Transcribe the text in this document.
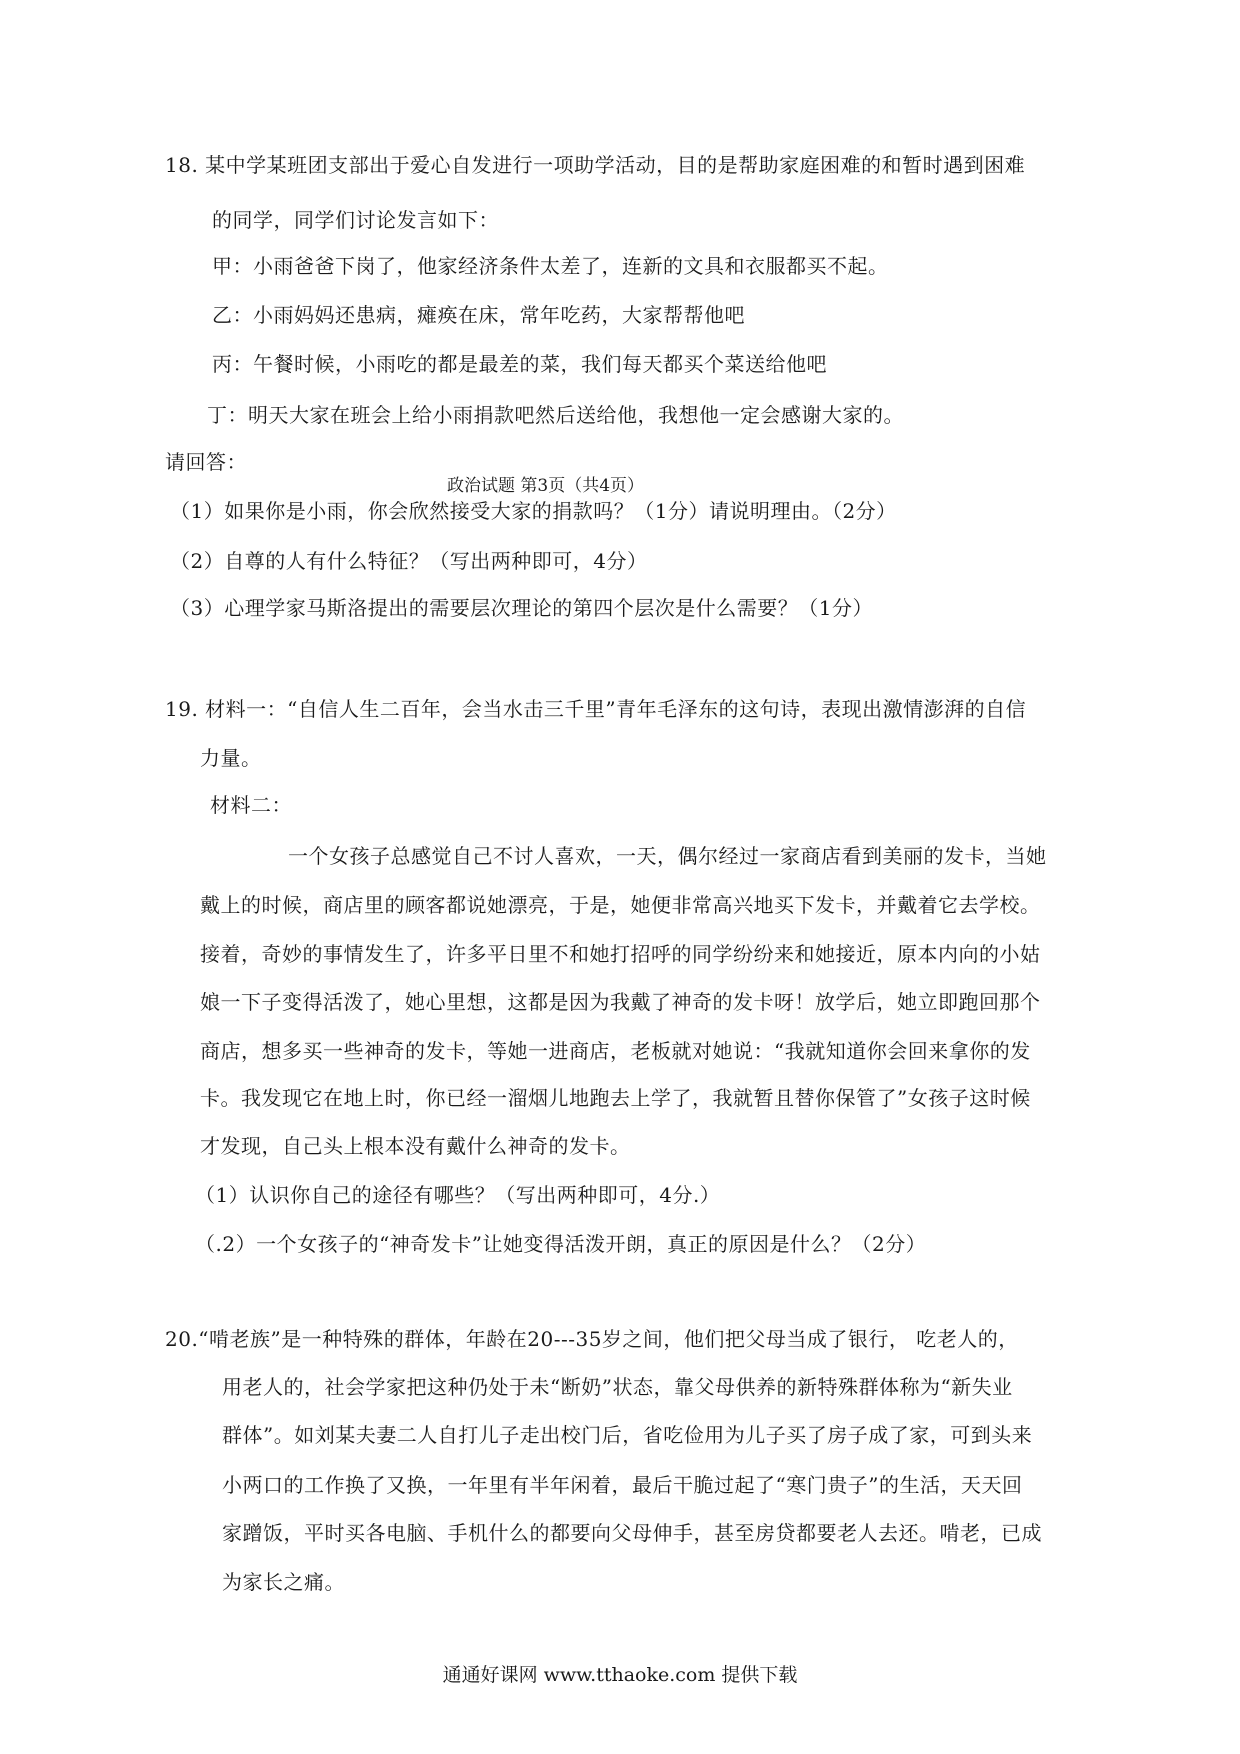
18. 某中学某班团支部出于爱心自发进行一项助学活动，目的是帮助家庭困难的和暂时遇到困难
的同学，同学们讨论发言如下：
甲：小雨爸爸下岗了，他家经济条件太差了，连新的文具和衣服都买不起。
乙：小雨妈妈还患病，瘫痪在床，常年吃药，大家帮帮他吧
丙：午餐时候，小雨吃的都是最差的菜，我们每天都买个菜送给他吧
丁：明天大家在班会上给小雨捐款吧然后送给他，我想他一定会感谢大家的。
请回答：
政治试题 第3页（共4页）
（1）如果你是小雨，你会欣然接受大家的捐款吗？（1分）请说明理由。（2分）
（2）自尊的人有什么特征？（写出两种即可，4分）
（3）心理学家马斯洛提出的需要层次理论的第四个层次是什么需要？（1分）
19. 材料一：“自信人生二百年，会当水击三千里”青年毛泽东的这句诗，表现出激情澎湃的自信
力量。
材料二：
一个女孩子总感觉自己不讨人喜欢，一天，偶尔经过一家商店看到美丽的发卡，当她
戴上的时候，商店里的顾客都说她漂亮，于是，她便非常高兴地买下发卡，并戴着它去学校。
接着，奇妙的事情发生了，许多平日里不和她打招呼的同学纷纷来和她接近，原本内向的小姑
娘一下子变得活泼了，她心里想，这都是因为我戴了神奇的发卡呀！放学后，她立即跑回那个
商店，想多买一些神奇的发卡，等她一进商店，老板就对她说：“我就知道你会回来拿你的发
卡。我发现它在地上时，你已经一溜烟儿地跑去上学了，我就暂且替你保管了”女孩子这时候
才发现，自己头上根本没有戴什么神奇的发卡。
（1）认识你自己的途径有哪些？（写出两种即可，4分.）
（.2）一个女孩子的“神奇发卡”让她变得活泼开朗，真正的原因是什么？（2分）
20.“啃老族”是一种特殊的群体，年龄在20---35岁之间，他们把父母当成了银行， 吃老人的，
用老人的，社会学家把这种仍处于未“断奶”状态，靠父母供养的新特殊群体称为“新失业
群体”。如刘某夫妻二人自打儿子走出校门后，省吃俭用为儿子买了房子成了家，可到头来
小两口的工作换了又换，一年里有半年闲着，最后干脆过起了“寒门贵子”的生活，天天回
家蹭饭，平时买各电脑、手机什么的都要向父母伸手，甚至房贷都要老人去还。啃老，已成
为家长之痛。
通通好课网 www.tthaoke.com 提供下载
